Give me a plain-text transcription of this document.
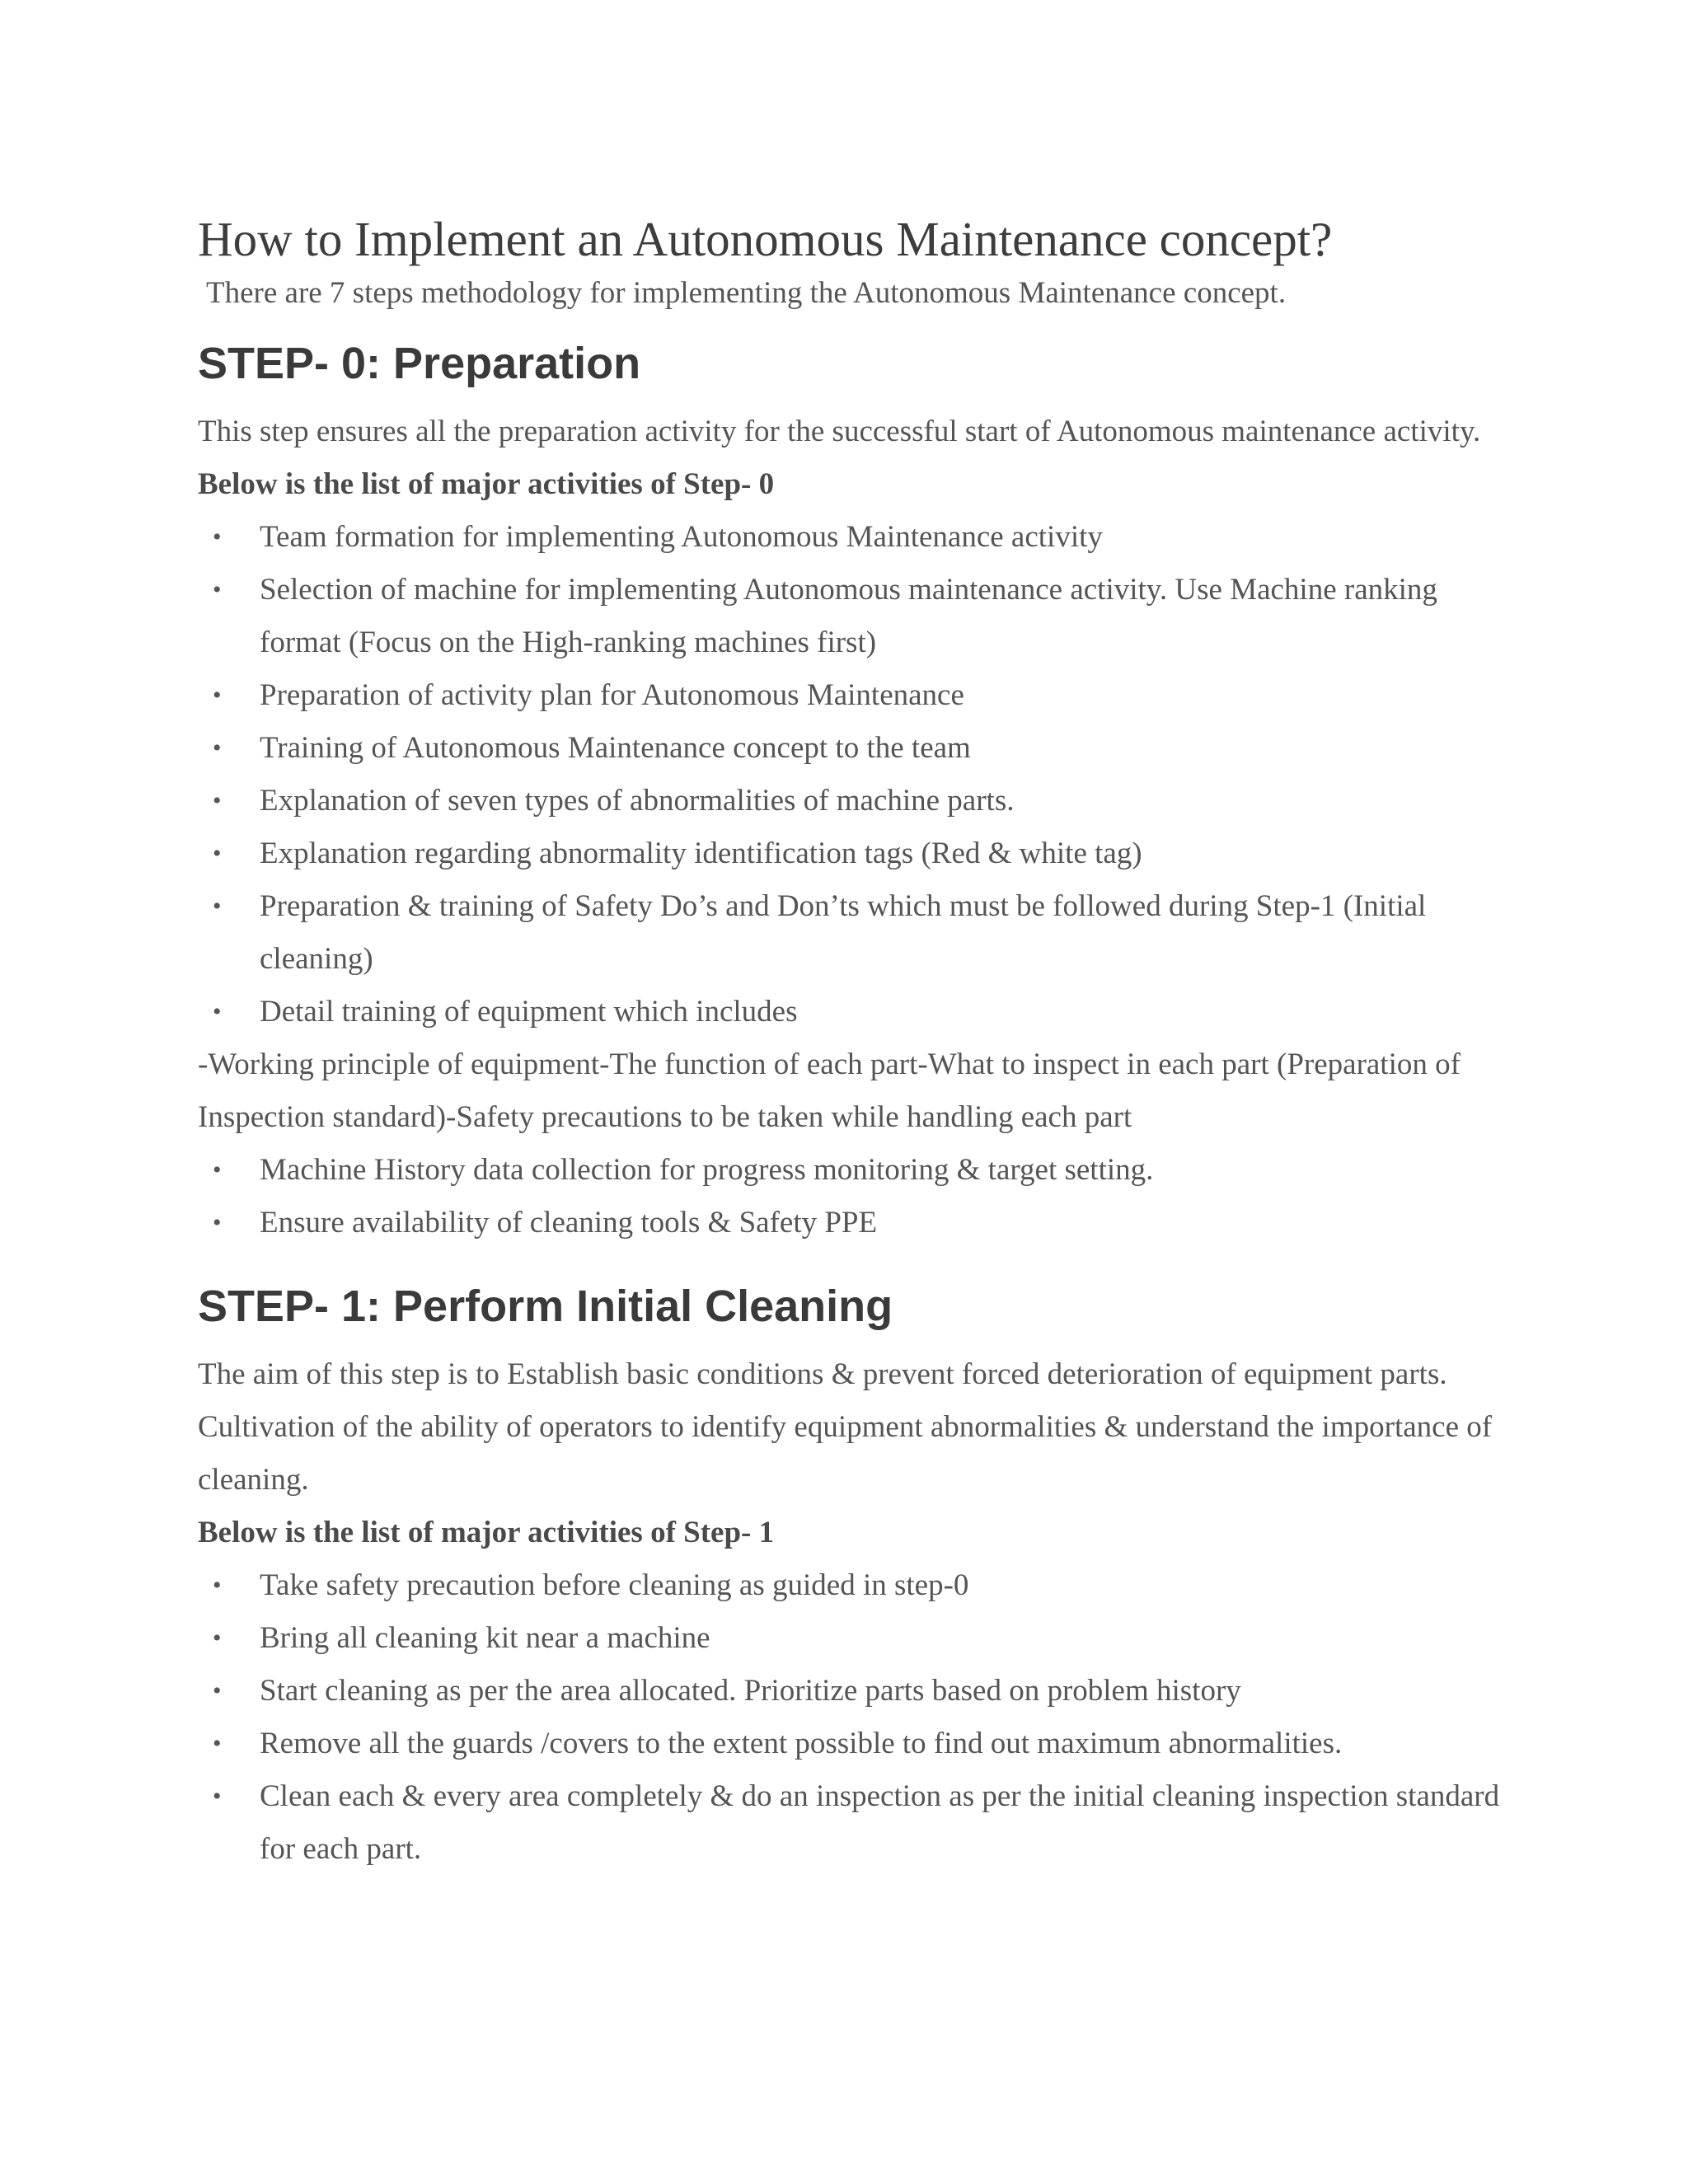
How to Implement an Autonomous Maintenance concept?

There are 7 steps methodology for implementing the Autonomous Maintenance concept.

STEP- 0: Preparation

This step ensures all the preparation activity for the successful start of Autonomous maintenance activity.

Below is the list of major activities of Step- 0

• Team formation for implementing Autonomous Maintenance activity
• Selection of machine for implementing Autonomous maintenance activity. Use Machine ranking format (Focus on the High-ranking machines first)
• Preparation of activity plan for Autonomous Maintenance
• Training of Autonomous Maintenance concept to the team
• Explanation of seven types of abnormalities of machine parts.
• Explanation regarding abnormality identification tags (Red & white tag)
• Preparation & training of Safety Do’s and Don’ts which must be followed during Step-1 (Initial cleaning)
• Detail training of equipment which includes

-Working principle of equipment-The function of each part-What to inspect in each part (Preparation of Inspection standard)-Safety precautions to be taken while handling each part

• Machine History data collection for progress monitoring & target setting.
• Ensure availability of cleaning tools & Safety PPE
STEP- 1: Perform Initial Cleaning

The aim of this step is to Establish basic conditions & prevent forced deterioration of equipment parts. Cultivation of the ability of operators to identify equipment abnormalities & understand the importance of cleaning.

Below is the list of major activities of Step- 1

• Take safety precaution before cleaning as guided in step-0
• Bring all cleaning kit near a machine
• Start cleaning as per the area allocated. Prioritize parts based on problem history
• Remove all the guards /covers to the extent possible to find out maximum abnormalities.
• Clean each & every area completely & do an inspection as per the initial cleaning inspection standard for each part.
